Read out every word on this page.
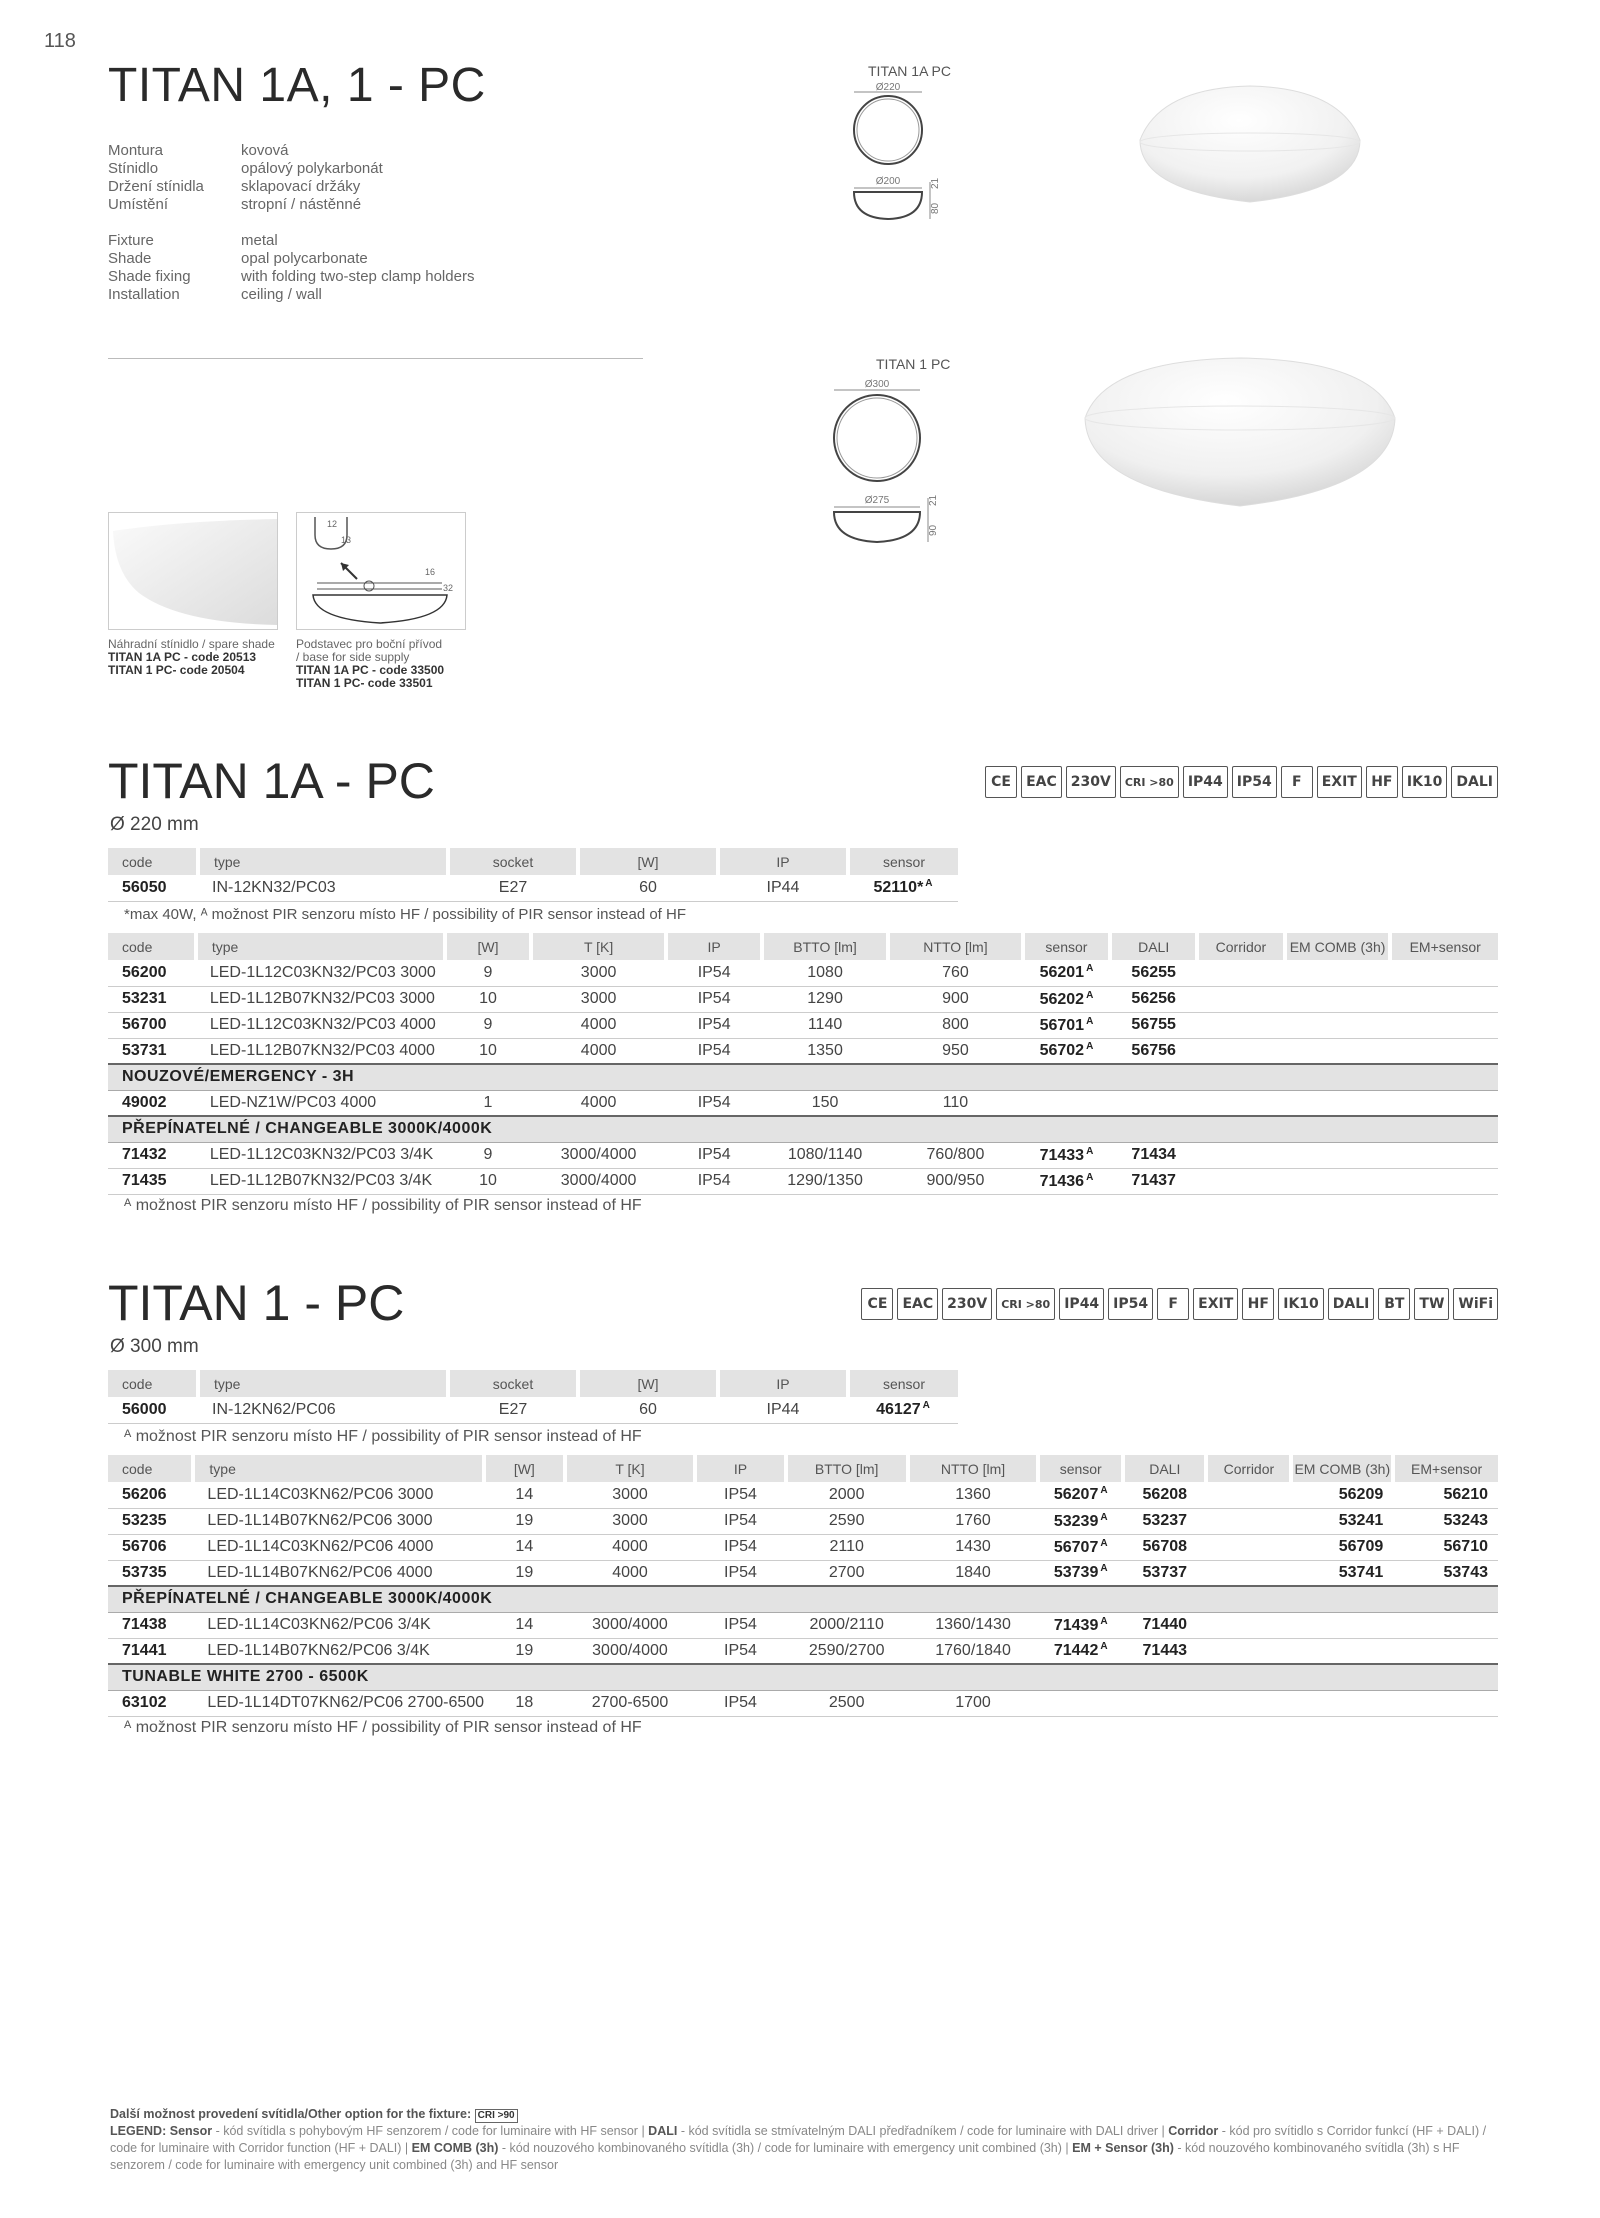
118
TITAN 1A, 1 - PC
Montura	kovová
Stínidlo	opálový polykarbonát
Držení stínidla	sklapovací držáky
Umístění	stropní / nástěnné
Fixture	metal
Shade	opal polycarbonate
Shade fixing	with folding two-step clamp holders
Installation	ceiling / wall
TITAN 1A PC
Ø220
Ø200
80
21
TITAN 1 PC
Ø300
Ø275
90
21
Náhradní stínidlo / spare shade
TITAN 1A PC - code 20513
TITAN 1 PC- code 20504
12
13
16
32
Podstavec pro boční přívod
/ base for side supply
TITAN 1A PC - code 33500
TITAN 1 PC- code 33501
TITAN 1A - PC
Ø 220 mm
CE	EAC	230V	CRI >80	IP44	IP54	F	EXIT	HF	IK10	DALI
code	type	socket	[W]	IP	sensor
56050	IN-12KN32/PC03	E27	60	IP44	52110* $^A$
*max 40W, ᴬ možnost PIR senzoru místo HF / possibility of PIR sensor instead of HF
code	type	[W]	T [K]	IP	BTTO [lm]	NTTO [lm]	sensor	DALI	Corridor	EM COMB (3h)	EM+sensor
56200	LED-1L12C03KN32/PC03 3000	9	3000	IP54	1080	760	56201 $^A$	56255			
53231	LED-1L12B07KN32/PC03 3000	10	3000	IP54	1290	900	56202 $^A$	56256			
56700	LED-1L12C03KN32/PC03 4000	9	4000	IP54	1140	800	56701 $^A$	56755			
53731	LED-1L12B07KN32/PC03 4000	10	4000	IP54	1350	950	56702 $^A$	56756			
NOUZOVÉ/EMERGENCY - 3H											
49002	LED-NZ1W/PC03 4000	1	4000	IP54	150	110					
PŘEPÍNATELNÉ / CHANGEABLE 3000K/4000K											
71432	LED-1L12C03KN32/PC03 3/4K	9	3000/4000	IP54	1080/1140	760/800	71433 $^A$	71434			
71435	LED-1L12B07KN32/PC03 3/4K	10	3000/4000	IP54	1290/1350	900/950	71436 $^A$	71437			
ᴬ možnost PIR senzoru místo HF / possibility of PIR sensor instead of HF
TITAN 1 - PC
Ø 300 mm
CE	EAC	230V	CRI >80	IP44	IP54	F	EXIT	HF	IK10	DALI	BT	TW	WiFi
code	type	socket	[W]	IP	sensor
56000	IN-12KN62/PC06	E27	60	IP44	46127 $^A$
ᴬ možnost PIR senzoru místo HF / possibility of PIR sensor instead of HF
code	type	[W]	T [K]	IP	BTTO [lm]	NTTO [lm]	sensor	DALI	Corridor	EM COMB (3h)	EM+sensor
56206	LED-1L14C03KN62/PC06 3000	14	3000	IP54	2000	1360	56207 $^A$	56208		56209	56210
53235	LED-1L14B07KN62/PC06 3000	19	3000	IP54	2590	1760	53239 $^A$	53237		53241	53243
56706	LED-1L14C03KN62/PC06 4000	14	4000	IP54	2110	1430	56707 $^A$	56708		56709	56710
53735	LED-1L14B07KN62/PC06 4000	19	4000	IP54	2700	1840	53739 $^A$	53737		53741	53743
PŘEPÍNATELNÉ / CHANGEABLE 3000K/4000K											
71438	LED-1L14C03KN62/PC06 3/4K	14	3000/4000	IP54	2000/2110	1360/1430	71439 $^A$	71440			
71441	LED-1L14B07KN62/PC06 3/4K	19	3000/4000	IP54	2590/2700	1760/1840	71442 $^A$	71443			
TUNABLE WHITE 2700 - 6500K											
63102	LED-1L14DT07KN62/PC06 2700-6500	18	2700-6500	IP54	2500	1700					
ᴬ možnost PIR senzoru místo HF / possibility of PIR sensor instead of HF
Další možnost provedení svítidla/Other option for the fixture: CRI >90
LEGEND: Sensor - kód svítidla s pohybovým HF senzorem / code for luminaire with HF sensor | DALI - kód svítidla se stmívatelným DALI předřadníkem / code for luminaire with DALI driver | Corridor - kód pro svítidlo s Corridor funkcí (HF + DALI) / code for luminaire with Corridor function (HF + DALI) | EM COMB (3h) - kód nouzového kombinovaného svítidla (3h) / code for luminaire with emergency unit combined (3h) | EM + Sensor (3h) - kód nouzového kombinovaného svítidla (3h) s HF senzorem / code for luminaire with emergency unit combined (3h) and HF sensor
